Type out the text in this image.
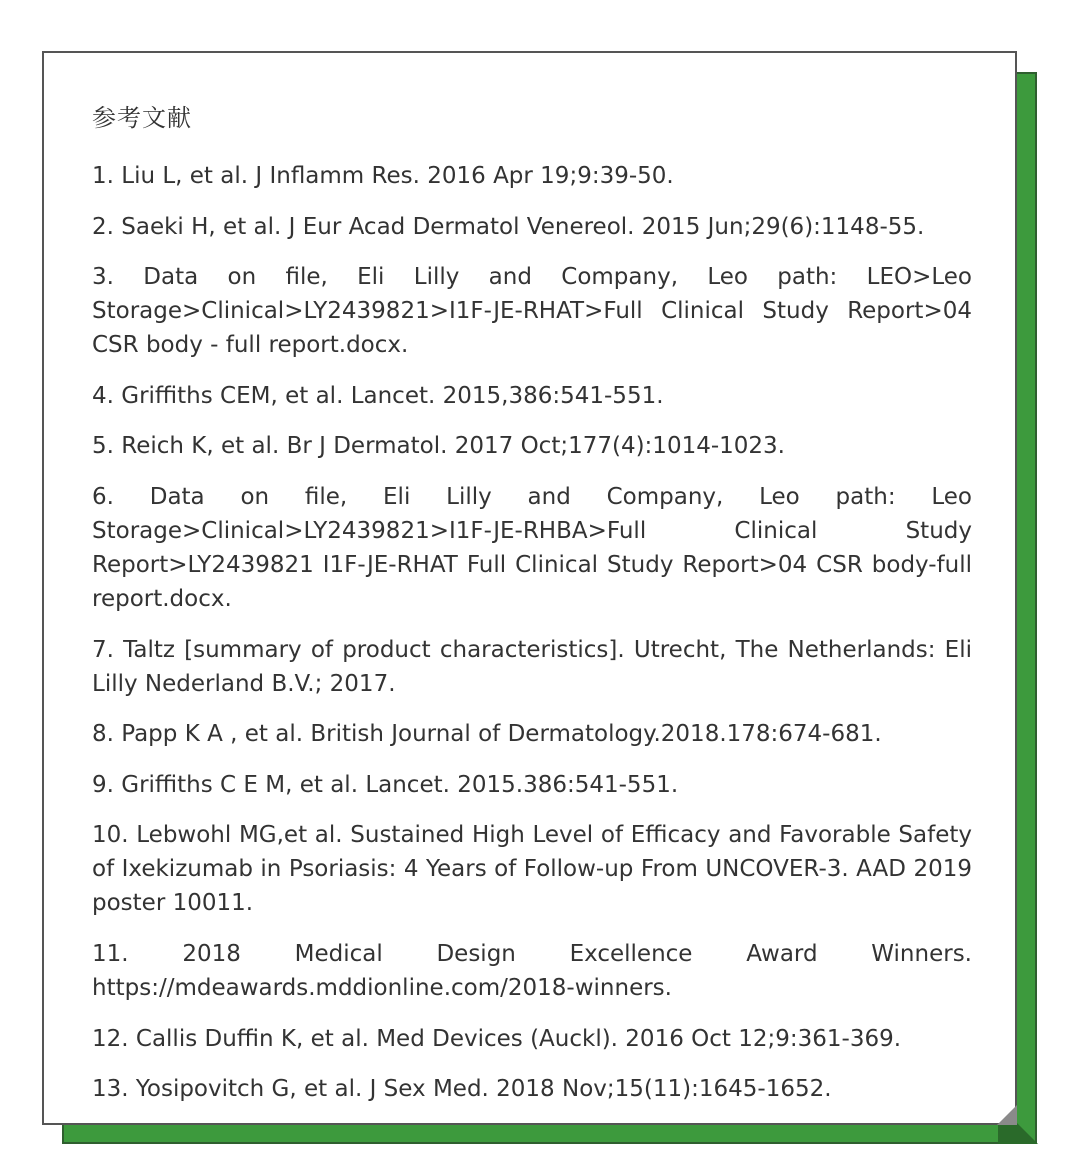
参考文献
1. Liu L, et al. J Inflamm Res. 2016 Apr 19;9:39-50.
2. Saeki H, et al. J Eur Acad Dermatol Venereol. 2015 Jun;29(6):1148-55.
3. Data on file, Eli Lilly and Company, Leo path: LEO>Leo Storage>Clinical>LY2439821>I1F-JE-RHAT>Full Clinical Study Report>04 CSR body - full report.docx.
4. Griffiths CEM, et al. Lancet. 2015,386:541-551.
5. Reich K, et al. Br J Dermatol. 2017 Oct;177(4):1014-1023.
6. Data on file, Eli Lilly and Company, Leo path: Leo Storage>Clinical>LY2439821>I1F-JE-RHBA>Full Clinical Study Report>LY2439821 I1F-JE-RHAT Full Clinical Study Report>04 CSR body-full report.docx.
7. Taltz [summary of product characteristics]. Utrecht, The Netherlands: Eli Lilly Nederland B.V.; 2017.
8. Papp K A , et al. British Journal of Dermatology.2018.178:674-681.
9. Griffiths C E M, et al. Lancet. 2015.386:541-551.
10. Lebwohl MG,et al. Sustained High Level of Efficacy and Favorable Safety of Ixekizumab in Psoriasis: 4 Years of Follow-up From UNCOVER-3. AAD 2019 poster 10011.
11. 2018 Medical Design Excellence Award Winners. https://mdeawards.mddionline.com/2018-winners.
12. Callis Duffin K, et al. Med Devices (Auckl). 2016 Oct 12;9:361-369.
13. Yosipovitch G, et al. J Sex Med. 2018 Nov;15(11):1645-1652.
